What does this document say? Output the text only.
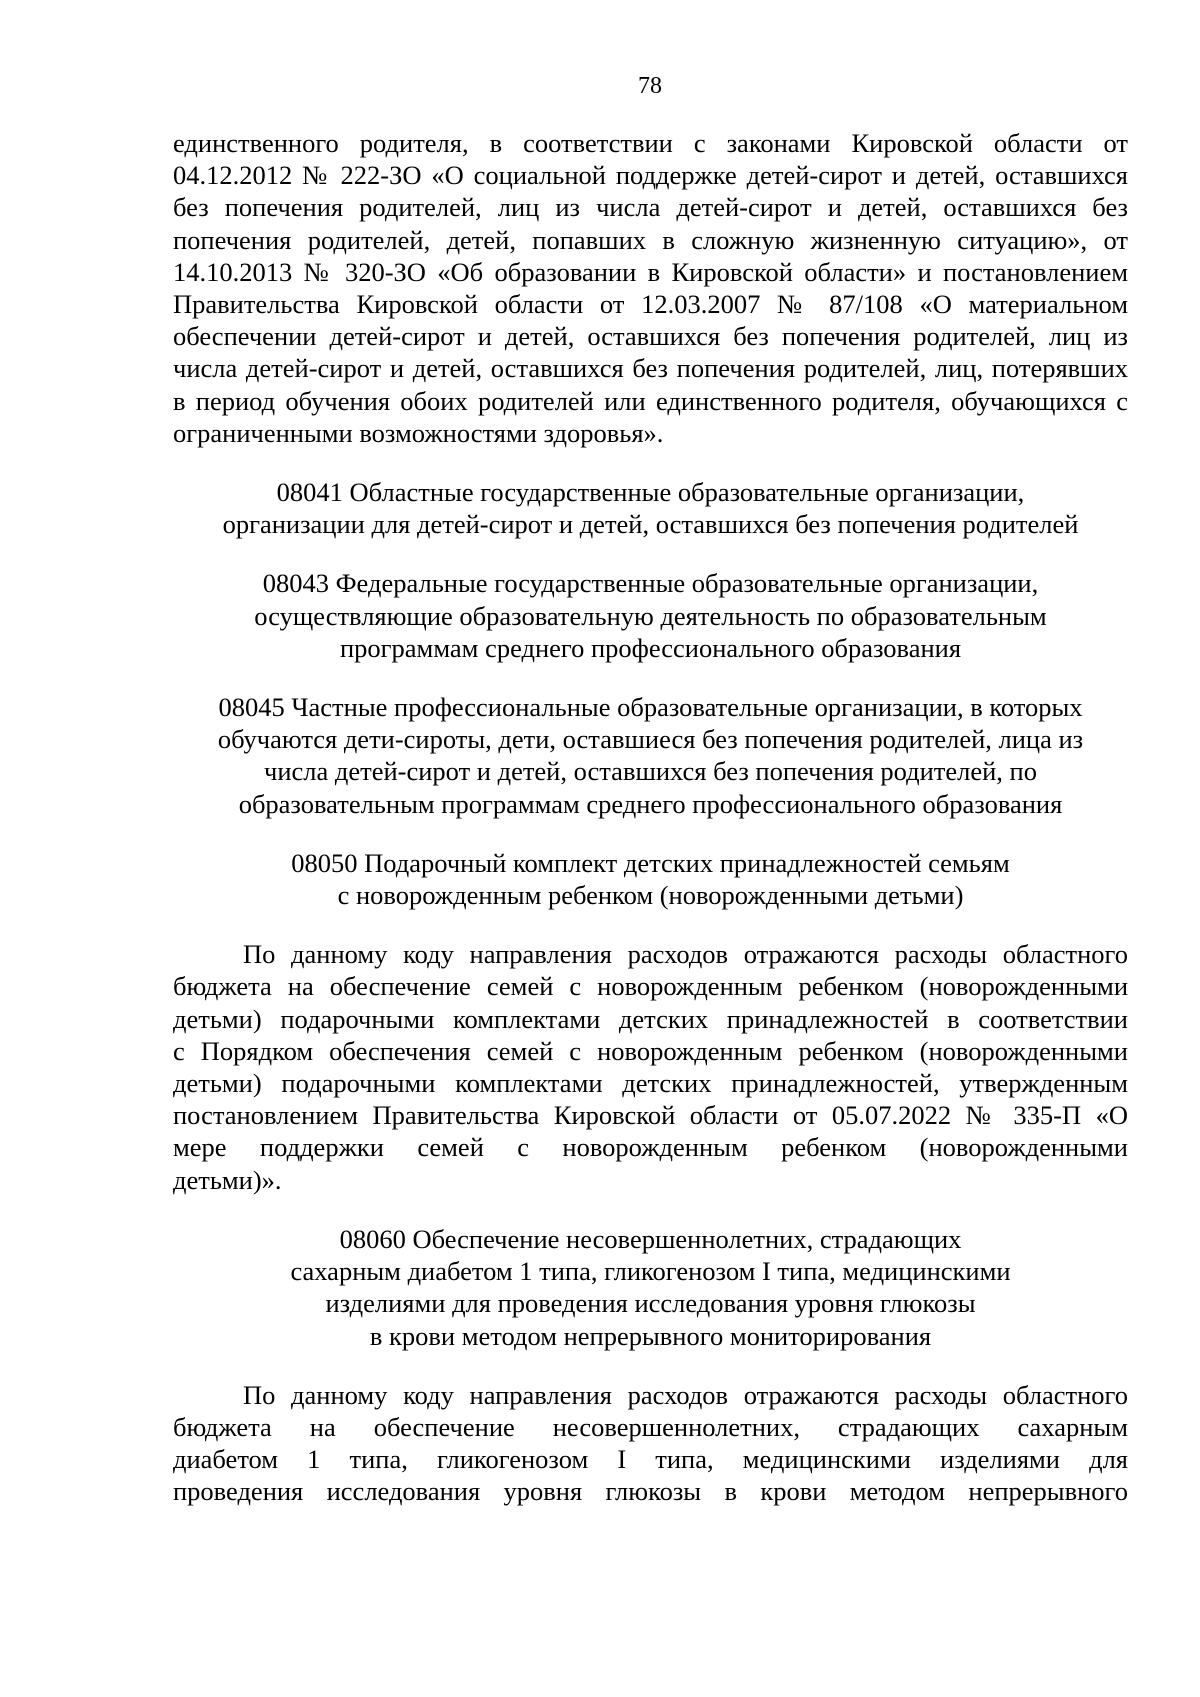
78

единственного родителя, в соответствии с законами Кировской области от
04.12.2012 № 222-ЗО «О социальной поддержке детей-сирот и детей, оставшихся
без попечения родителей, лиц из числа детей-сирот и детей, оставшихся без
попечения родителей, детей, попавших в сложную жизненную ситуацию», от
14.10.2013 № 320-ЗО «Об образовании в Кировской области» и постановлением
Правительства Кировской области от 12.03.2007 № 87/108 «О материальном
обеспечении детей-сирот и детей, оставшихся без попечения родителей, лиц из
числа детей-сирот и детей, оставшихся без попечения родителей, лиц, потерявших
в период обучения обоих родителей или единственного родителя, обучающихся с
ограниченными возможностями здоровья».

08041 Областные государственные образовательные организации,
организации для детей-сирот и детей, оставшихся без попечения родителей
08043 Федеральные государственные образовательные организации,
осуществляющие образовательную деятельность по образовательным
программам среднего профессионального образования
08045 Частные профессиональные образовательные организации, в которых
обучаются дети-сироты, дети, оставшиеся без попечения родителей, лица из
числа детей-сирот и детей, оставшихся без попечения родителей, по
образовательным программам среднего профессионального образования
08050 Подарочный комплект детских принадлежностей семьям
с новорожденным ребенком (новорожденными детьми)

По данному коду направления расходов отражаются расходы областного
бюджета на обеспечение семей с новорожденным ребенком (новорожденными
детьми) подарочными комплектами детских принадлежностей в соответствии
с Порядком обеспечения семей с новорожденным ребенком (новорожденными
детьми) подарочными комплектами детских принадлежностей, утвержденным
постановлением Правительства Кировской области от 05.07.2022 № 335-П «О
мере поддержки семей с новорожденным ребенком (новорожденными
детьми)».

08060 Обеспечение несовершеннолетних, страдающих
сахарным диабетом 1 типа, гликогенозом I типа, медицинскими
изделиями для проведения исследования уровня глюкозы
в крови методом непрерывного мониторирования

По данному коду направления расходов отражаются расходы областного
бюджета на обеспечение несовершеннолетних, страдающих сахарным
диабетом 1 типа, гликогенозом I типа, медицинскими изделиями для
проведения исследования уровня глюкозы в крови методом непрерывного
